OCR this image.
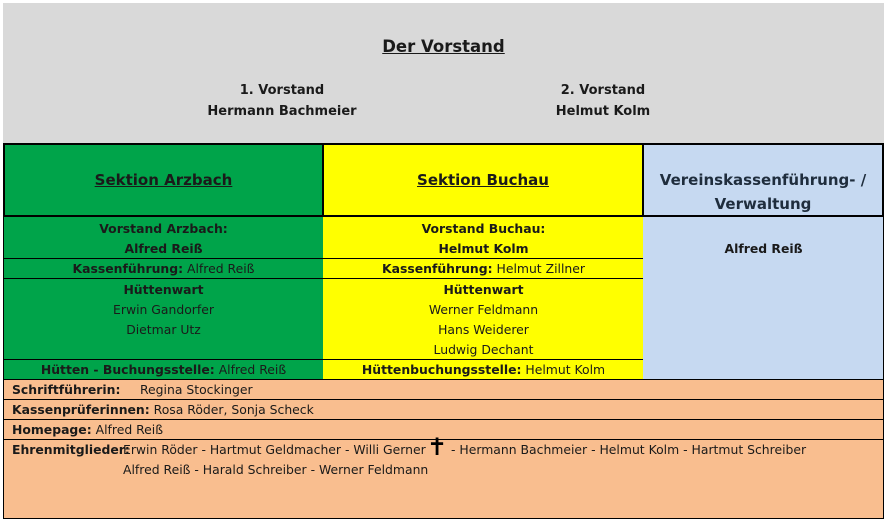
Der Vorstand
1. Vorstand
Hermann Bachmeier
2. Vorstand
Helmut Kolm
Sektion Arzbach	Sektion Buchau	Vereinskassenführung- /
Verwaltung
Vorstand Arzbach:
Alfred Reiß
Kassenführung: Alfred Reiß
Hüttenwart
Erwin Gandorfer
Dietmar Utz
Hütten - Buchungsstelle: Alfred Reiß
Vorstand Buchau:
Helmut Kolm
Kassenführung: Helmut Zillner
Hüttenwart
Werner Feldmann
Hans Weiderer
Ludwig Dechant
Hüttenbuchungsstelle: Helmut Kolm
Alfred Reiß
Schriftführerin: Regina Stockinger
Kassenprüferinnen: Rosa Röder, Sonja Scheck
Homepage: Alfred Reiß
Ehrenmitglieder:
Erwin Röder - Hartmut Geldmacher - Willi Gerner ✝ - Hermann Bachmeier - Helmut Kolm - Hartmut Schreiber
Alfred Reiß - Harald Schreiber - Werner Feldmann
